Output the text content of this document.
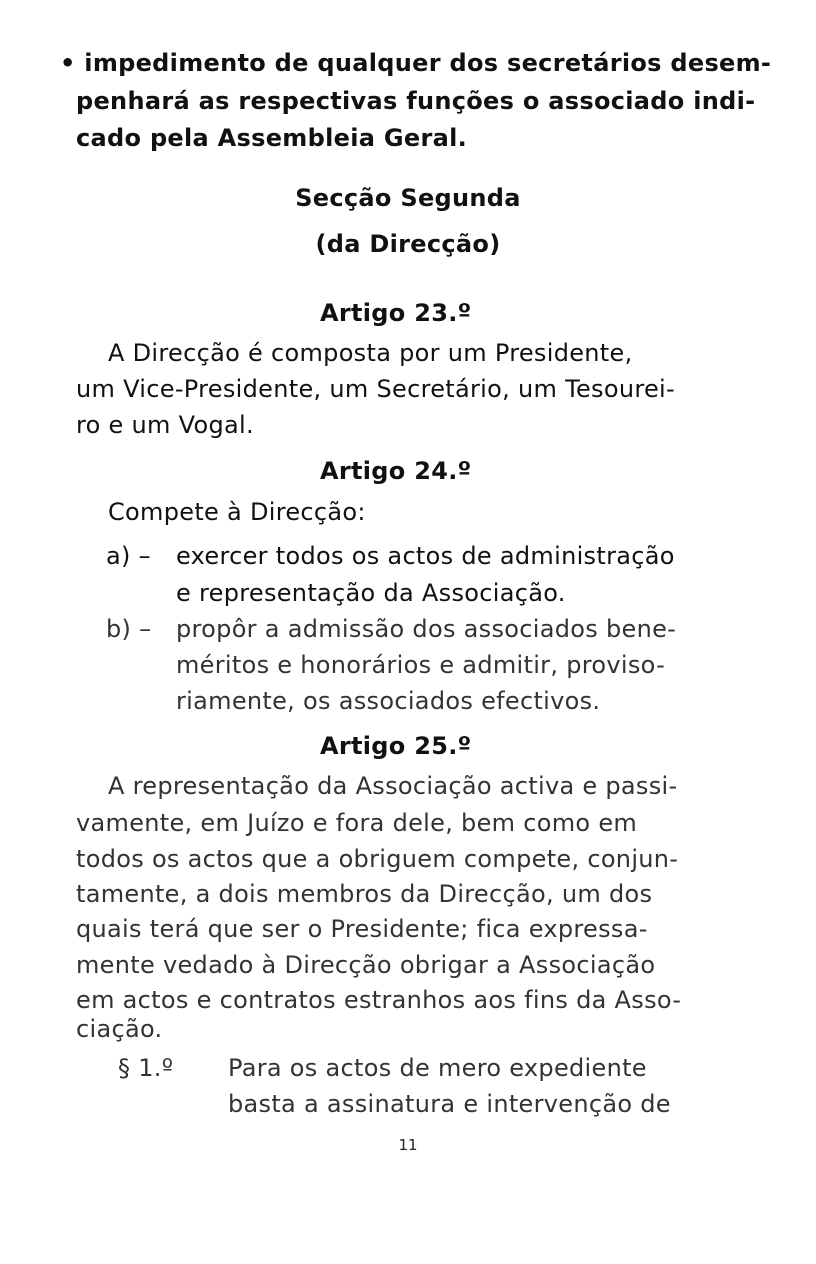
• impedimento de qualquer dos secretários desem-
penhará as respectivas funções o associado indi-
cado pela Assembleia Geral.
Secção Segunda
(da Direcção)
Artigo 23.º
A Direcção é composta por um Presidente,
um Vice-Presidente, um Secretário, um Tesourei-
ro e um Vogal.
Artigo 24.º
Compete à Direcção:
a) – exercer todos os actos de administração
e representação da Associação.
b) – propôr a admissão dos associados bene-
méritos e honorários e admitir, proviso-
riamente, os associados efectivos.
Artigo 25.º
A representação da Associação activa e passi-
vamente, em Juízo e fora dele, bem como em
todos os actos que a obriguem compete, conjun-
tamente, a dois membros da Direcção, um dos
quais terá que ser o Presidente; fica expressa-
mente vedado à Direcção obrigar a Associação
em actos e contratos estranhos aos fins da Asso-
ciação.
§ 1.º Para os actos de mero expediente
basta a assinatura e intervenção de
11
